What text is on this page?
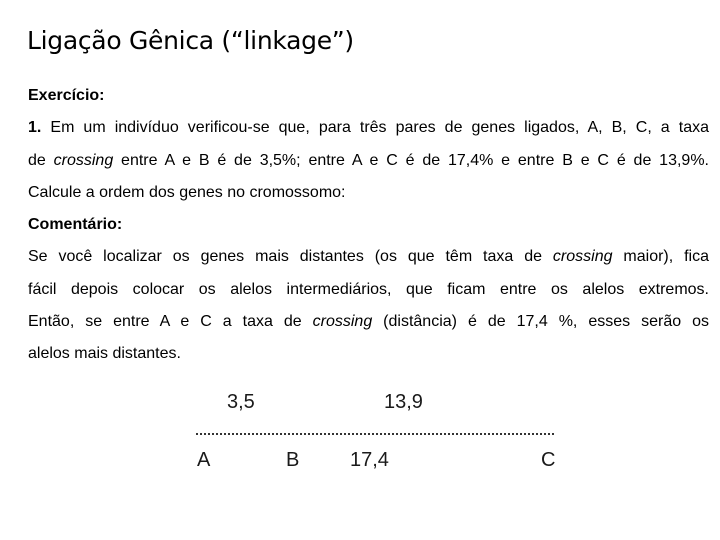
Ligação Gênica (“linkage”)
Exercício:
1. Em um indivíduo verificou-se que, para três pares de genes ligados, A, B, C, a taxa
de crossing entre A e B é de 3,5%; entre A e C é de 17,4% e entre B e C é de 13,9%.
Calcule a ordem dos genes no cromossomo:
Comentário:
Se você localizar os genes mais distantes (os que têm taxa de crossing maior), fica
fácil depois colocar os alelos intermediários, que ficam entre os alelos extremos.
Então, se entre A e C a taxa de crossing (distância) é de 17,4 %, esses serão os
alelos mais distantes.
3,5	13,9
A	B	17,4	C
